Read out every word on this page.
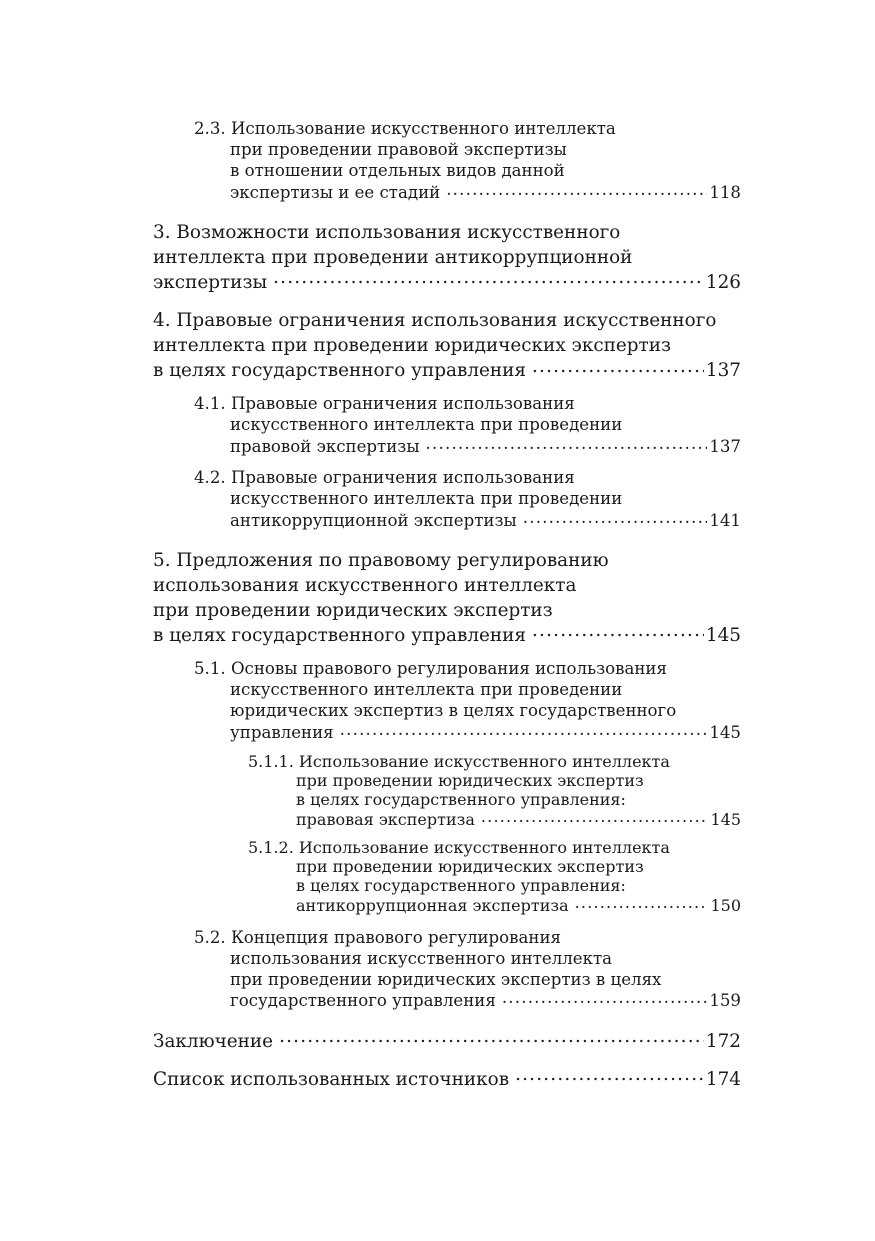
2.3. Использование искусственного интеллекта
при проведении правовой экспертизы
в отношении отдельных видов данной
экспертизы и ее стадий .....	118
3. Возможности использования искусственного
интеллекта при проведении антикоррупционной
экспертизы .....	126
4. Правовые ограничения использования искусственного
интеллекта при проведении юридических экспертиз
в целях государственного управления .....	137
4.1. Правовые ограничения использования
искусственного интеллекта при проведении
правовой экспертизы .....	137
4.2. Правовые ограничения использования
искусственного интеллекта при проведении
антикоррупционной экспертизы .....	141
5. Предложения по правовому регулированию
использования искусственного интеллекта
при проведении юридических экспертиз
в целях государственного управления .....	145
5.1. Основы правового регулирования использования
искусственного интеллекта при проведении
юридических экспертиз в целях государственного
управления .....	145
5.1.1. Использование искусственного интеллекта
при проведении юридических экспертиз
в целях государственного управления:
правовая экспертиза .....	145
5.1.2. Использование искусственного интеллекта
при проведении юридических экспертиз
в целях государственного управления:
антикоррупционная экспертиза .....	150
5.2. Концепция правового регулирования
использования искусственного интеллекта
при проведении юридических экспертиз в целях
государственного управления .....	159
Заключение .....	172
Список использованных источников .....	174
